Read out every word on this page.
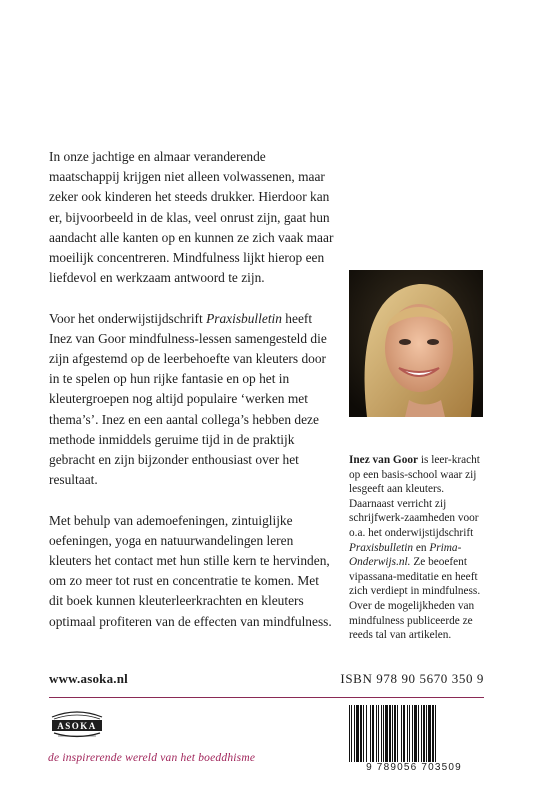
In onze jachtige en almaar veranderende maatschappij krijgen niet alleen volwassenen, maar zeker ook kinderen het steeds drukker. Hierdoor kan er, bijvoorbeeld in de klas, veel onrust zijn, gaat hun aandacht alle kanten op en kunnen ze zich vaak maar moeilijk concentreren. Mindfulness lijkt hierop een liefdevol en werkzaam antwoord te zijn.

Voor het onderwijstijdschrift Praxisbulletin heeft Inez van Goor mindfulness-lessen samengesteld die zijn afgestemd op de leerbehoefte van kleuters door in te spelen op hun rijke fantasie en op het in kleutergroepen nog altijd populaire ‘werken met thema’s’. Inez en een aantal collega’s hebben deze methode inmiddels geruime tijd in de praktijk gebracht en zijn bijzonder enthousiast over het resultaat.

Met behulp van ademoefeningen, zintuiglijke oefeningen, yoga en natuurwandelingen leren kleuters het contact met hun stille kern te hervinden, om zo meer tot rust en concentratie te komen. Met dit boek kunnen kleuterleerkrachten en kleuters optimaal profiteren van de effecten van mindfulness.

Inez van Goor is leer-kracht op een basis-school waar zij lesgeeft aan kleuters. Daarnaast verricht zij schrijfwerk-zaamheden voor o.a. het onderwijstijdschrift Praxisbulletin en Prima-Onderwijs.nl. Ze beoefent vipassana-meditatie en heeft zich verdiept in mindfulness. Over de mogelijkheden van mindfulness publiceerde ze reeds tal van artikelen.
www.asoka.nl	ISBN 978 90 5670 350 9
ASOKA
de inspirerende wereld van het boeddhisme
9 789056 703509
